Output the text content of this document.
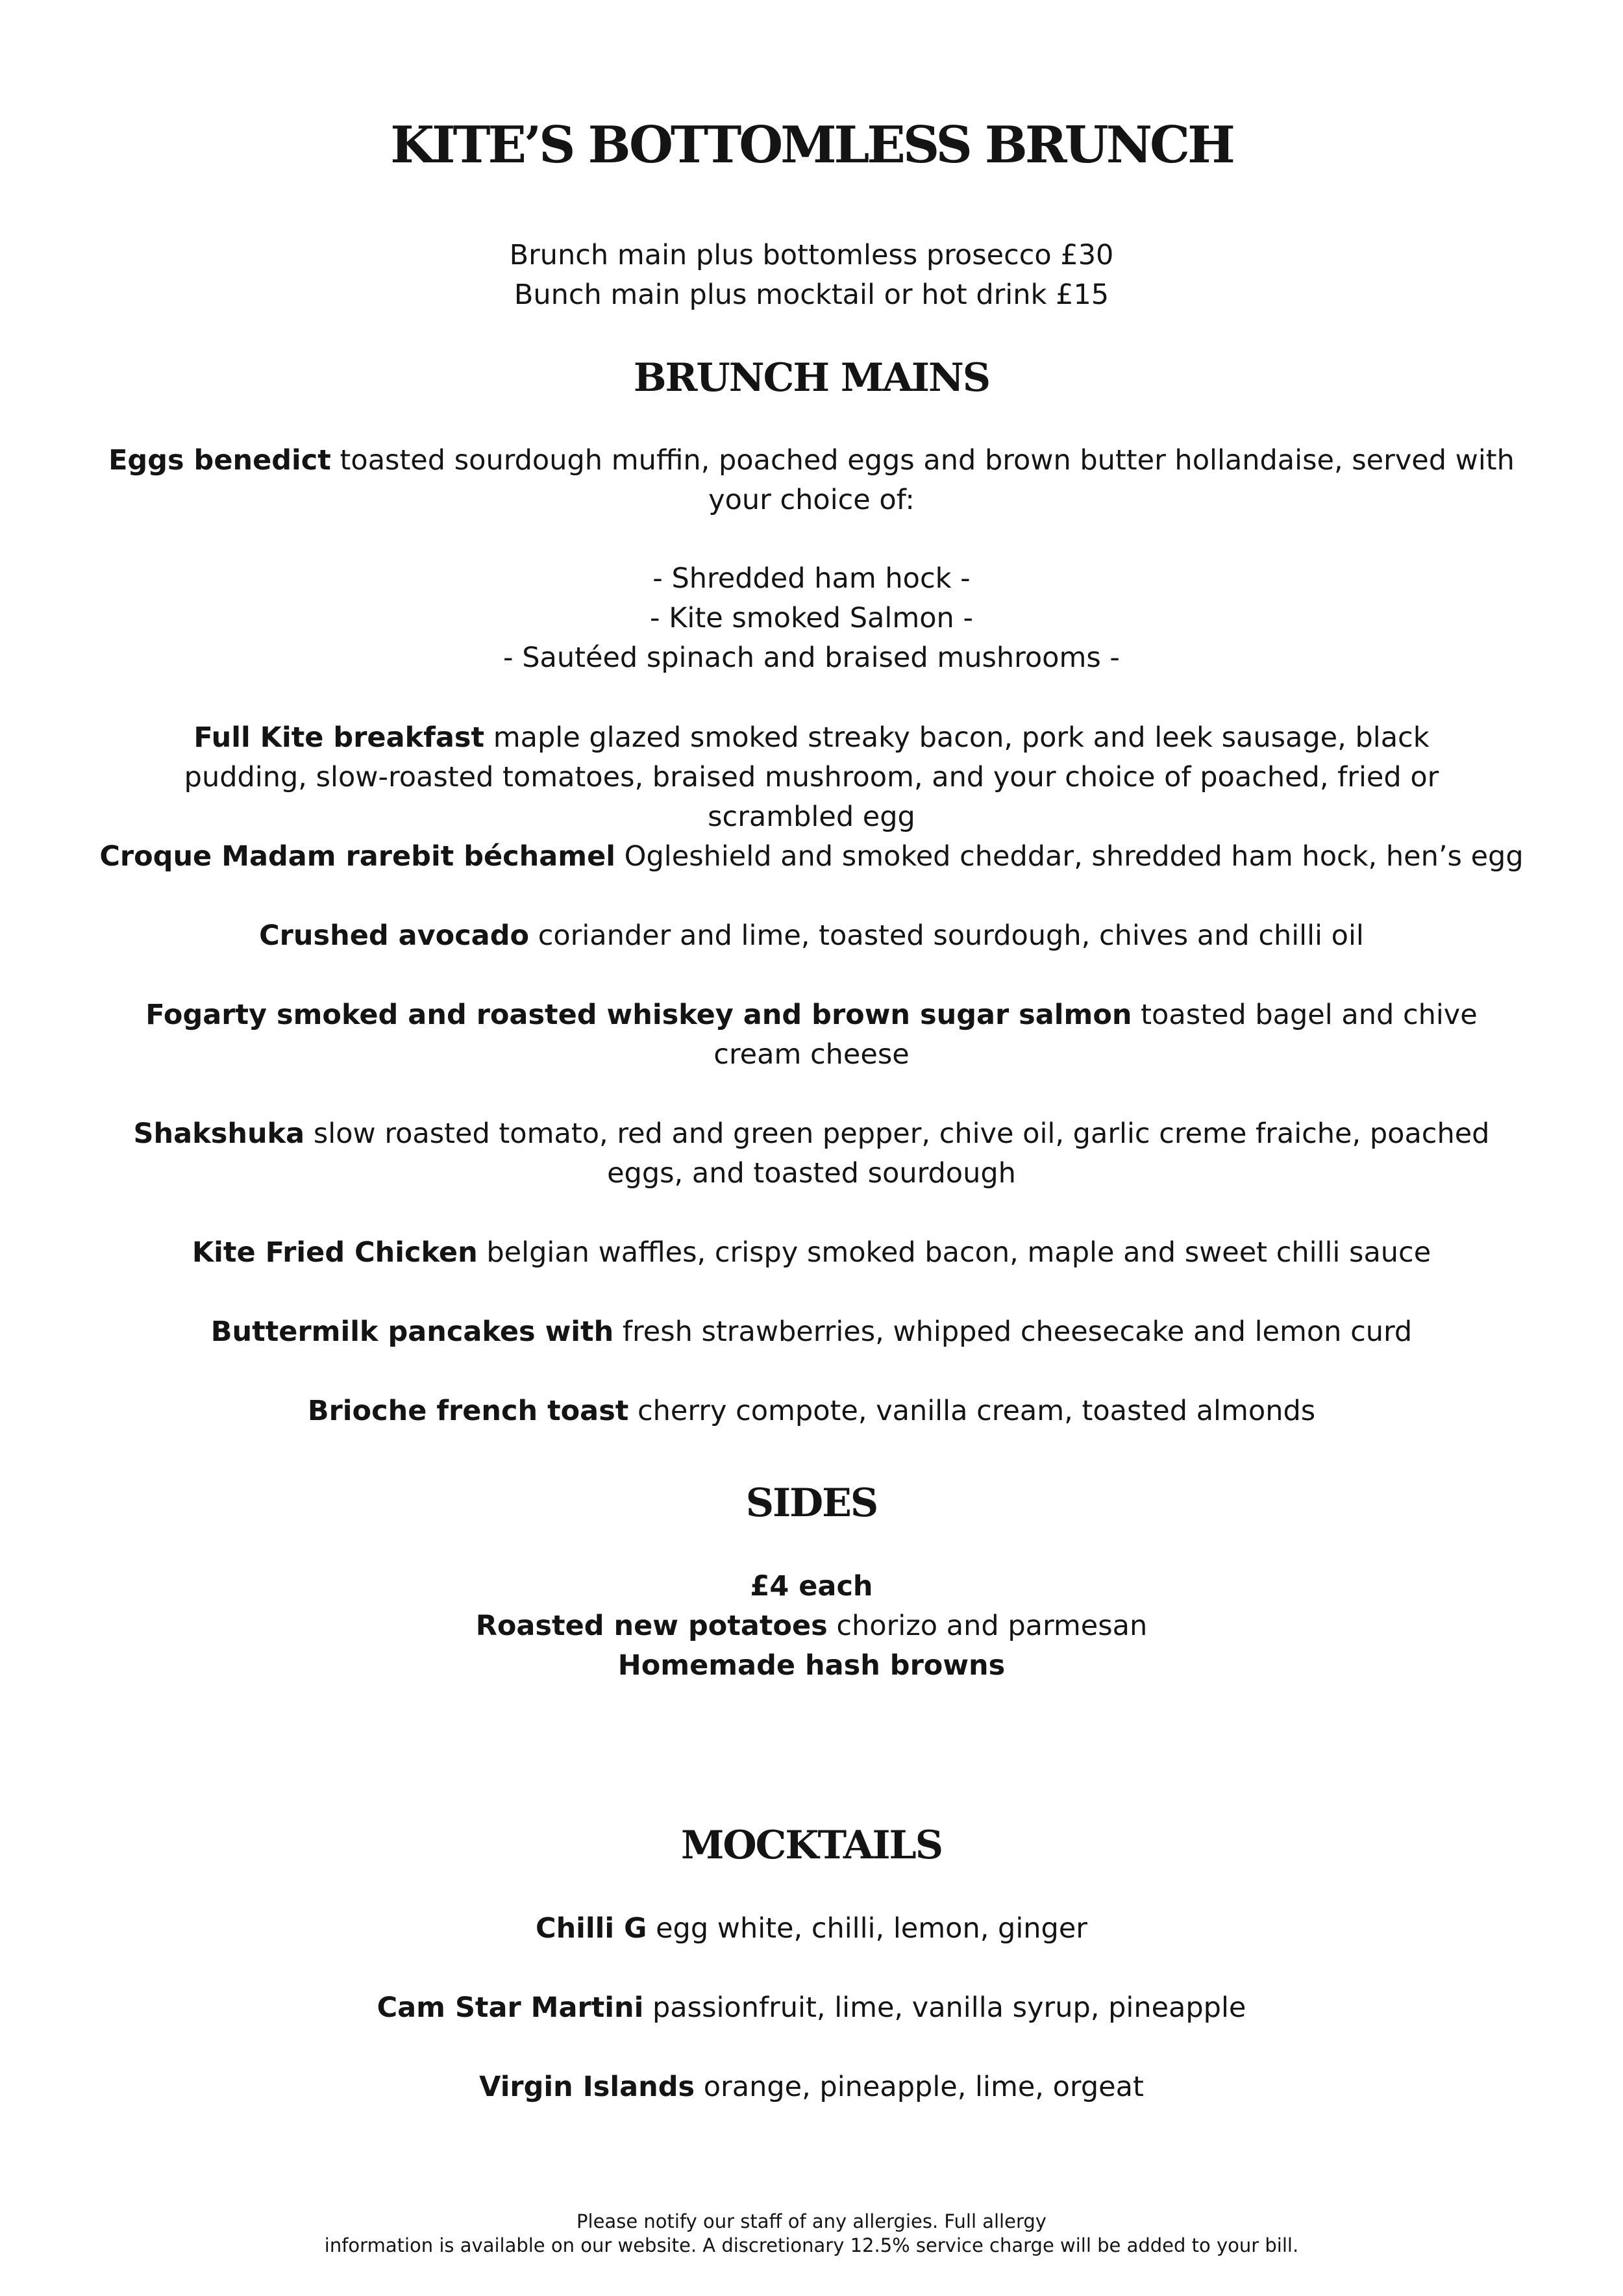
KITE’S BOTTOMLESS BRUNCH

Brunch main plus bottomless prosecco £30

Bunch main plus mocktail or hot drink £15

BRUNCH MAINS

Eggs benedict toasted sourdough muffin, poached eggs and brown butter hollandaise, served with your choice of:

- Shredded ham hock -

- Kite smoked Salmon -

- Sautéed spinach and braised mushrooms -

Full Kite breakfast maple glazed smoked streaky bacon, pork and leek sausage, black pudding, slow-roasted tomatoes, braised mushroom, and your choice of poached, fried or scrambled egg

Croque Madam rarebit béchamel Ogleshield and smoked cheddar, shredded ham hock, hen’s egg

Crushed avocado coriander and lime, toasted sourdough, chives and chilli oil

Fogarty smoked and roasted whiskey and brown sugar salmon toasted bagel and chive cream cheese

Shakshuka slow roasted tomato, red and green pepper, chive oil, garlic creme fraiche, poached eggs, and toasted sourdough

Kite Fried Chicken belgian waffles, crispy smoked bacon, maple and sweet chilli sauce

Buttermilk pancakes with fresh strawberries, whipped cheesecake and lemon curd

Brioche french toast cherry compote, vanilla cream, toasted almonds

SIDES

£4 each

Roasted new potatoes chorizo and parmesan

Homemade hash browns

MOCKTAILS

Chilli G egg white, chilli, lemon, ginger

Cam Star Martini passionfruit, lime, vanilla syrup, pineapple

Virgin Islands orange, pineapple, lime, orgeat

Please notify our staff of any allergies. Full allergy

information is available on our website. A discretionary 12.5% service charge will be added to your bill.
